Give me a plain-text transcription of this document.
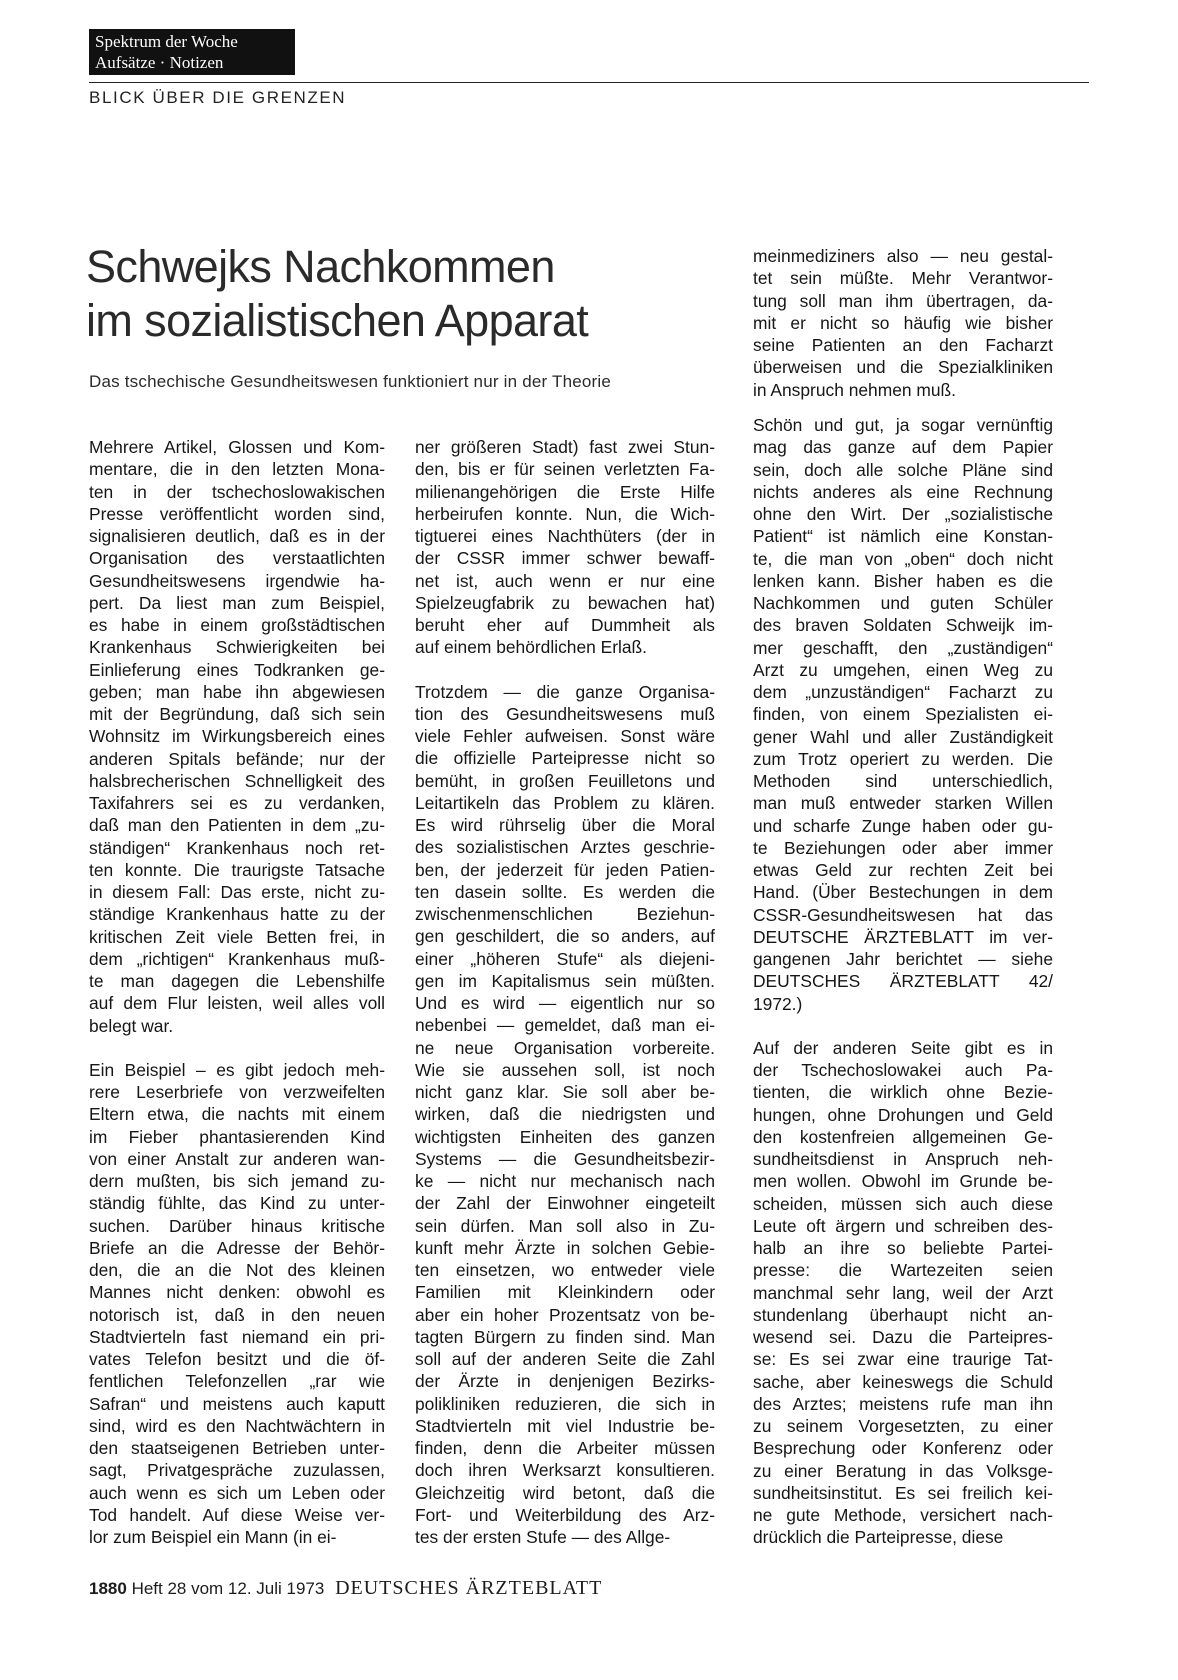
Spektrum der Woche
Aufsätze · Notizen
BLICK ÜBER DIE GRENZEN
Schwejks Nachkommen
im sozialistischen Apparat
Das tschechische Gesundheitswesen funktioniert nur in der Theorie

Mehrere Artikel, Glossen und Kom-
mentare, die in den letzten Mona-
ten in der tschechoslowakischen
Presse veröffentlicht worden sind,
signalisieren deutlich, daß es in der
Organisation des verstaatlichten
Gesundheitswesens irgendwie ha-
pert. Da liest man zum Beispiel,
es habe in einem großstädtischen
Krankenhaus Schwierigkeiten bei
Einlieferung eines Todkranken ge-
geben; man habe ihn abgewiesen
mit der Begründung, daß sich sein
Wohnsitz im Wirkungsbereich eines
anderen Spitals befände; nur der
halsbrecherischen Schnelligkeit des
Taxifahrers sei es zu verdanken,
daß man den Patienten in dem „zu-
ständigen“ Krankenhaus noch ret-
ten konnte. Die traurigste Tatsache
in diesem Fall: Das erste, nicht zu-
ständige Krankenhaus hatte zu der
kritischen Zeit viele Betten frei, in
dem „richtigen“ Krankenhaus muß-
te man dagegen die Lebenshilfe
auf dem Flur leisten, weil alles voll
belegt war.

Ein Beispiel – es gibt jedoch meh-
rere Leserbriefe von verzweifelten
Eltern etwa, die nachts mit einem
im Fieber phantasierenden Kind
von einer Anstalt zur anderen wan-
dern mußten, bis sich jemand zu-
ständig fühlte, das Kind zu unter-
suchen. Darüber hinaus kritische
Briefe an die Adresse der Behör-
den, die an die Not des kleinen
Mannes nicht denken: obwohl es
notorisch ist, daß in den neuen
Stadtvierteln fast niemand ein pri-
vates Telefon besitzt und die öf-
fentlichen Telefonzellen „rar wie
Safran“ und meistens auch kaputt
sind, wird es den Nachtwächtern in
den staatseigenen Betrieben unter-
sagt, Privatgespräche zuzulassen,
auch wenn es sich um Leben oder
Tod handelt. Auf diese Weise ver-
lor zum Beispiel ein Mann (in ei-

ner größeren Stadt) fast zwei Stun-
den, bis er für seinen verletzten Fa-
milienangehörigen die Erste Hilfe
herbeirufen konnte. Nun, die Wich-
tigtuerei eines Nachthüters (der in
der CSSR immer schwer bewaff-
net ist, auch wenn er nur eine
Spielzeugfabrik zu bewachen hat)
beruht eher auf Dummheit als
auf einem behördlichen Erlaß.

Trotzdem — die ganze Organisa-
tion des Gesundheitswesens muß
viele Fehler aufweisen. Sonst wäre
die offizielle Parteipresse nicht so
bemüht, in großen Feuilletons und
Leitartikeln das Problem zu klären.
Es wird rührselig über die Moral
des sozialistischen Arztes geschrie-
ben, der jederzeit für jeden Patien-
ten dasein sollte. Es werden die
zwischenmenschlichen Beziehun-
gen geschildert, die so anders, auf
einer „höheren Stufe“ als diejeni-
gen im Kapitalismus sein müßten.
Und es wird — eigentlich nur so
nebenbei — gemeldet, daß man ei-
ne neue Organisation vorbereite.
Wie sie aussehen soll, ist noch
nicht ganz klar. Sie soll aber be-
wirken, daß die niedrigsten und
wichtigsten Einheiten des ganzen
Systems — die Gesundheitsbezir-
ke — nicht nur mechanisch nach
der Zahl der Einwohner eingeteilt
sein dürfen. Man soll also in Zu-
kunft mehr Ärzte in solchen Gebie-
ten einsetzen, wo entweder viele
Familien mit Kleinkindern oder
aber ein hoher Prozentsatz von be-
tagten Bürgern zu finden sind. Man
soll auf der anderen Seite die Zahl
der Ärzte in denjenigen Bezirks-
polikliniken reduzieren, die sich in
Stadtvierteln mit viel Industrie be-
finden, denn die Arbeiter müssen
doch ihren Werksarzt konsultieren.
Gleichzeitig wird betont, daß die
Fort- und Weiterbildung des Arz-
tes der ersten Stufe — des Allge-

meinmediziners also — neu gestal-
tet sein müßte. Mehr Verantwor-
tung soll man ihm übertragen, da-
mit er nicht so häufig wie bisher
seine Patienten an den Facharzt
überweisen und die Spezialkliniken
in Anspruch nehmen muß.

Schön und gut, ja sogar vernünftig
mag das ganze auf dem Papier
sein, doch alle solche Pläne sind
nichts anderes als eine Rechnung
ohne den Wirt. Der „sozialistische
Patient“ ist nämlich eine Konstan-
te, die man von „oben“ doch nicht
lenken kann. Bisher haben es die
Nachkommen und guten Schüler
des braven Soldaten Schweijk im-
mer geschafft, den „zuständigen“
Arzt zu umgehen, einen Weg zu
dem „unzuständigen“ Facharzt zu
finden, von einem Spezialisten ei-
gener Wahl und aller Zuständigkeit
zum Trotz operiert zu werden. Die
Methoden sind unterschiedlich,
man muß entweder starken Willen
und scharfe Zunge haben oder gu-
te Beziehungen oder aber immer
etwas Geld zur rechten Zeit bei
Hand. (Über Bestechungen in dem
CSSR-Gesundheitswesen hat das
DEUTSCHE ÄRZTEBLATT im ver-
gangenen Jahr berichtet — siehe
DEUTSCHES ÄRZTEBLATT 42/
1972.)

Auf der anderen Seite gibt es in
der Tschechoslowakei auch Pa-
tienten, die wirklich ohne Bezie-
hungen, ohne Drohungen und Geld
den kostenfreien allgemeinen Ge-
sundheitsdienst in Anspruch neh-
men wollen. Obwohl im Grunde be-
scheiden, müssen sich auch diese
Leute oft ärgern und schreiben des-
halb an ihre so beliebte Partei-
presse: die Wartezeiten seien
manchmal sehr lang, weil der Arzt
stundenlang überhaupt nicht an-
wesend sei. Dazu die Parteipres-
se: Es sei zwar eine traurige Tat-
sache, aber keineswegs die Schuld
des Arztes; meistens rufe man ihn
zu seinem Vorgesetzten, zu einer
Besprechung oder Konferenz oder
zu einer Beratung in das Volksge-
sundheitsinstitut. Es sei freilich kei-
ne gute Methode, versichert nach-
drücklich die Parteipresse, diese

1880 Heft 28 vom 12. Juli 1973 DEUTSCHES ÄRZTEBLATT
